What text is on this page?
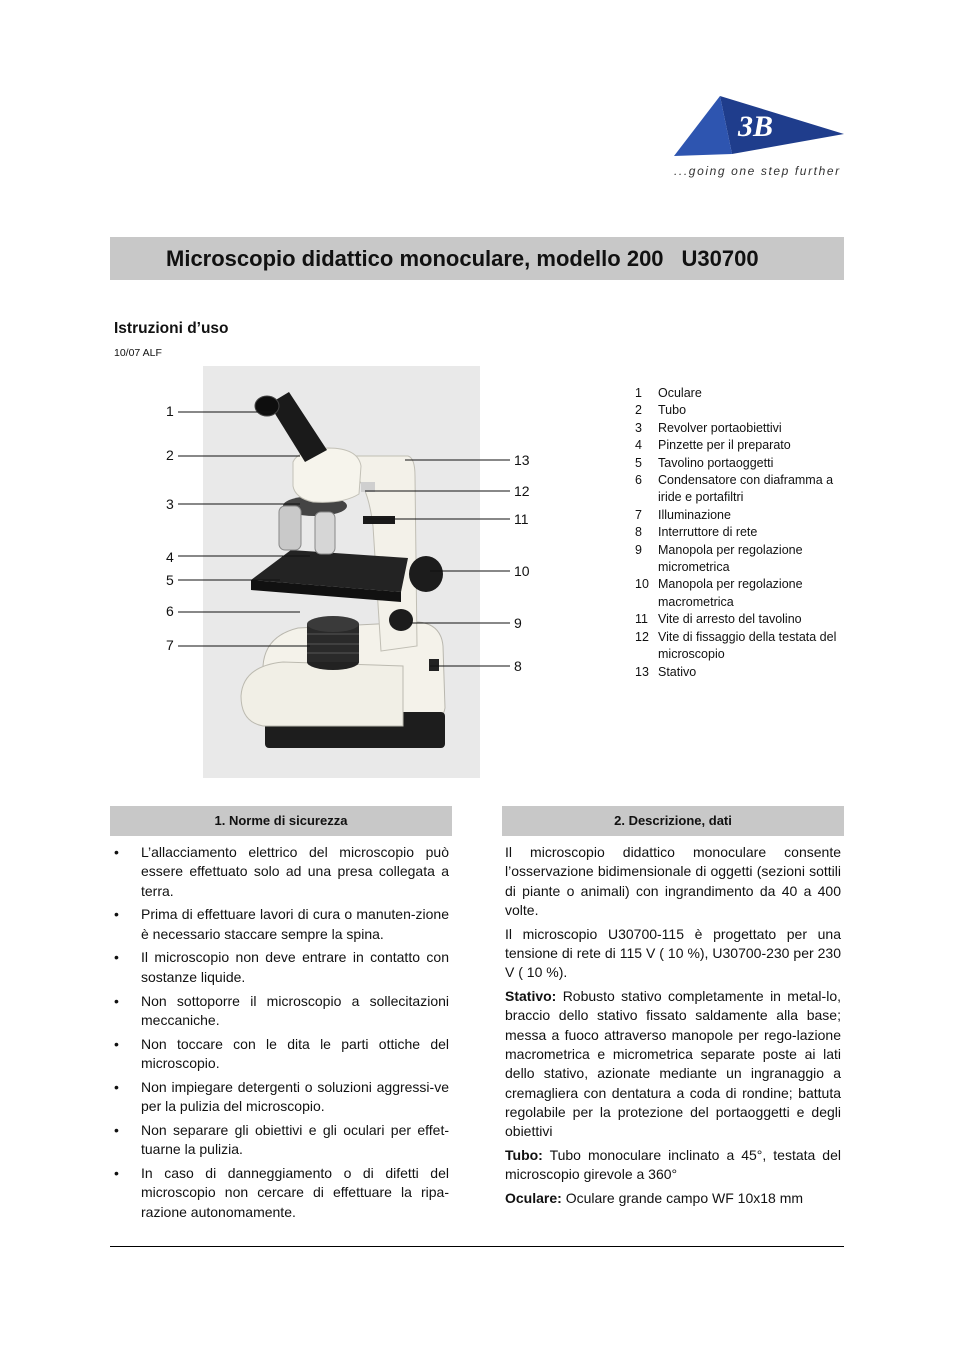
3B
...going one step further
Microscopio didattico monoculare, modello 200 U30700
Istruzioni d’uso
10/07 ALF
1
2
3
4
5
6
7
13
12
11
10
9
8
1	Oculare
2	Tubo
3	Revolver portaobiettivi
4	Pinzette per il preparato
5	Tavolino portaoggetti
6	Condensatore con diaframma a iride e portafiltri
7	Illuminazione
8	Interruttore di rete
9	Manopola per regolazione micrometrica
10 Manopola per regolazione macrometrica
11 Vite di arresto del tavolino
12 Vite di fissaggio della testata del microscopio
13 Stativo
1. Norme di sicurezza
• L’allacciamento elettrico del microscopio può essere effettuato solo ad una presa collegata a terra.
• Prima di effettuare lavori di cura o manuten-zione è necessario staccare sempre la spina.
• Il microscopio non deve entrare in contatto con sostanze liquide.
• Non sottoporre il microscopio a sollecitazioni meccaniche.
• Non toccare con le dita le parti ottiche del microscopio.
• Non impiegare detergenti o soluzioni aggressi-ve per la pulizia del microscopio.
• Non separare gli obiettivi e gli oculari per effet-tuarne la pulizia.
• In caso di danneggiamento o di difetti del microscopio non cercare di effettuare la ripa-razione autonomamente.
2. Descrizione, dati

Il microscopio didattico monoculare consente l’osservazione bidimensionale di oggetti (sezioni sottili di piante o animali) con ingrandimento da 40 a 400 volte.

Il microscopio U30700-115 è progettato per una tensione di rete di 115 V ( 10 %), U30700-230 per 230 V ( 10 %).

Stativo: Robusto stativo completamente in metal-lo, braccio dello stativo fissato saldamente alla base; messa a fuoco attraverso manopole per rego-lazione macrometrica e micrometrica separate poste ai lati dello stativo, azionate mediante un ingranaggio a cremagliera con dentatura a coda di rondine; battuta regolabile per la protezione del portaoggetti e degli obiettivi

Tubo: Tubo monoculare inclinato a 45°, testata del microscopio girevole a 360°

Oculare: Oculare grande campo WF 10x18 mm
